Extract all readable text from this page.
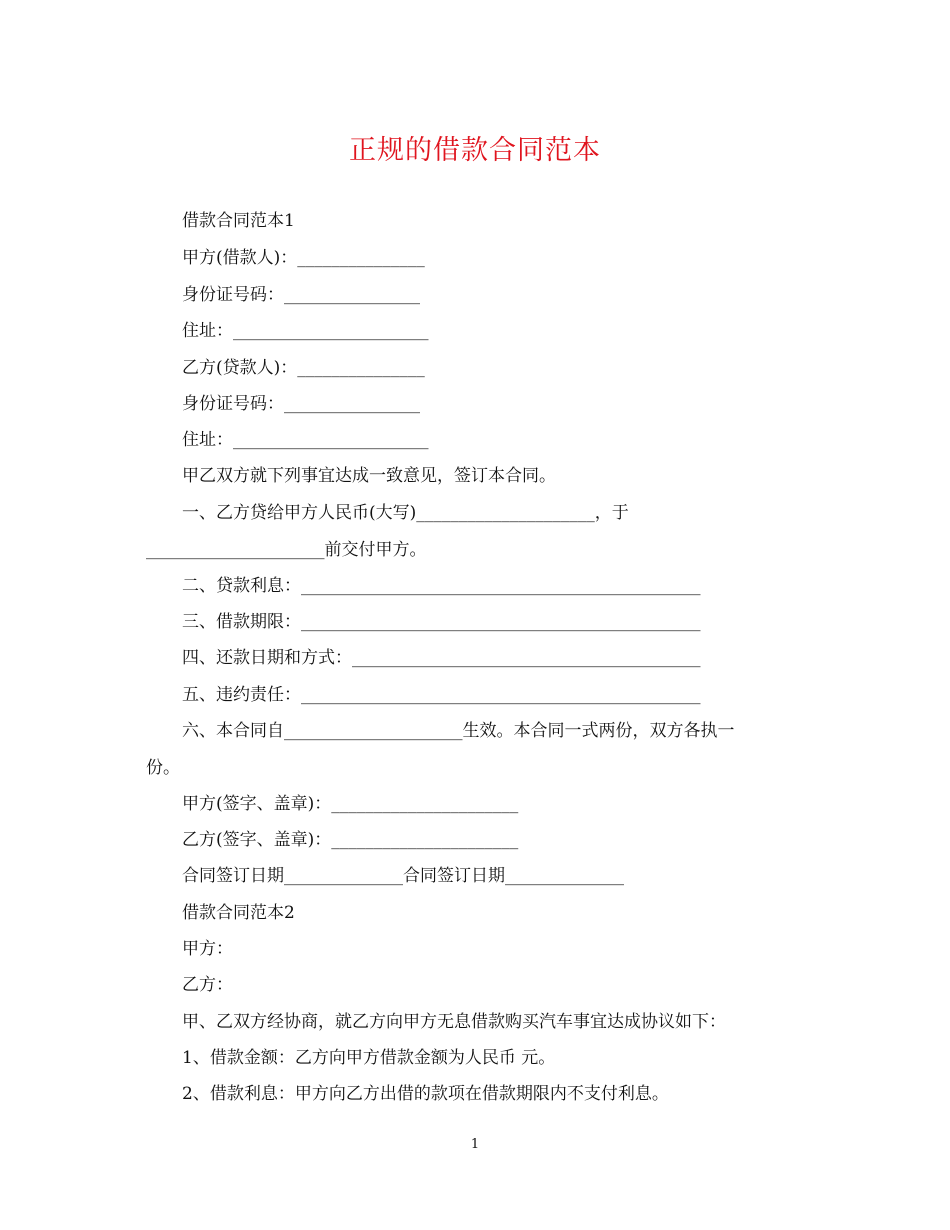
正规的借款合同范本
借款合同范本1
甲方(借款人)：_______________
身份证号码：________________
住址：_______________________
乙方(贷款人)：_______________
身份证号码：________________
住址：_______________________
甲乙双方就下列事宜达成一致意见，签订本合同。
一、乙方贷给甲方人民币(大写)_____________________，于
_____________________前交付甲方。
二、贷款利息：_______________________________________________
三、借款期限：_______________________________________________
四、还款日期和方式：_________________________________________
五、违约责任：_______________________________________________
六、本合同自_____________________生效。本合同一式两份，双方各执一
份。
甲方(签字、盖章)：______________________
乙方(签字、盖章)：______________________
合同签订日期______________合同签订日期______________
借款合同范本2
甲方：
乙方：
甲、乙双方经协商，就乙方向甲方无息借款购买汽车事宜达成协议如下：
1、借款金额：乙方向甲方借款金额为人民币 元。
2、借款利息：甲方向乙方出借的款项在借款期限内不支付利息。
1
